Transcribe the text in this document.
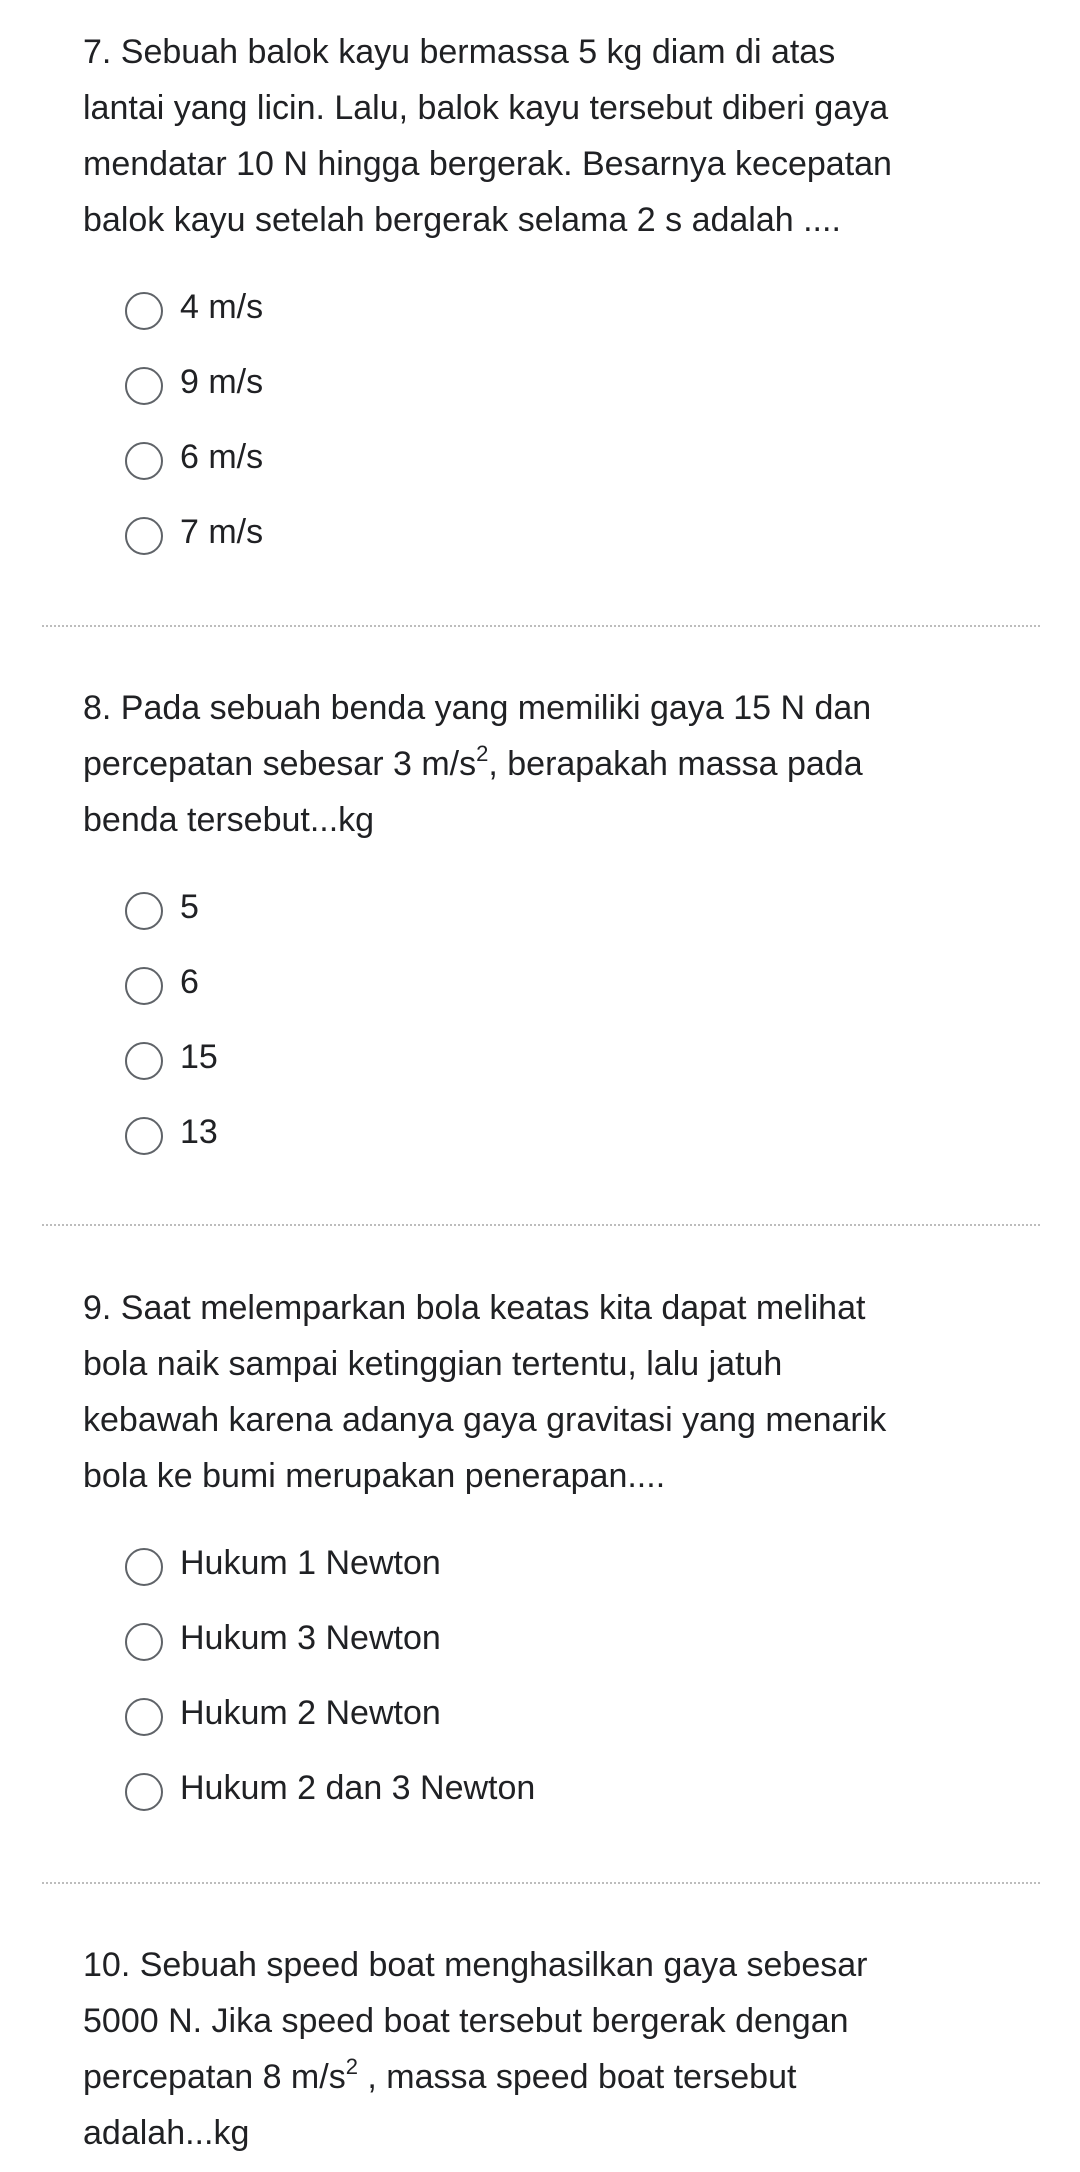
7. Sebuah balok kayu bermassa 5 kg diam di atas
lantai yang licin. Lalu, balok kayu tersebut diberi gaya
mendatar 10 N hingga bergerak. Besarnya kecepatan
balok kayu setelah bergerak selama 2 s adalah ....

4 m/s
9 m/s
6 m/s
7 m/s

8. Pada sebuah benda yang memiliki gaya 15 N dan
percepatan sebesar 3 $m/s^2$, berapakah massa pada
benda tersebut...kg

5
6
15
13

9. Saat melemparkan bola keatas kita dapat melihat
bola naik sampai ketinggian tertentu, lalu jatuh
kebawah karena adanya gaya gravitasi yang menarik
bola ke bumi merupakan penerapan....

Hukum 1 Newton
Hukum 3 Newton
Hukum 2 Newton
Hukum 2 dan 3 Newton

10. Sebuah speed boat menghasilkan gaya sebesar
5000 N. Jika speed boat tersebut bergerak dengan
percepatan 8 $m/s^2$ , massa speed boat tersebut
adalah...kg
